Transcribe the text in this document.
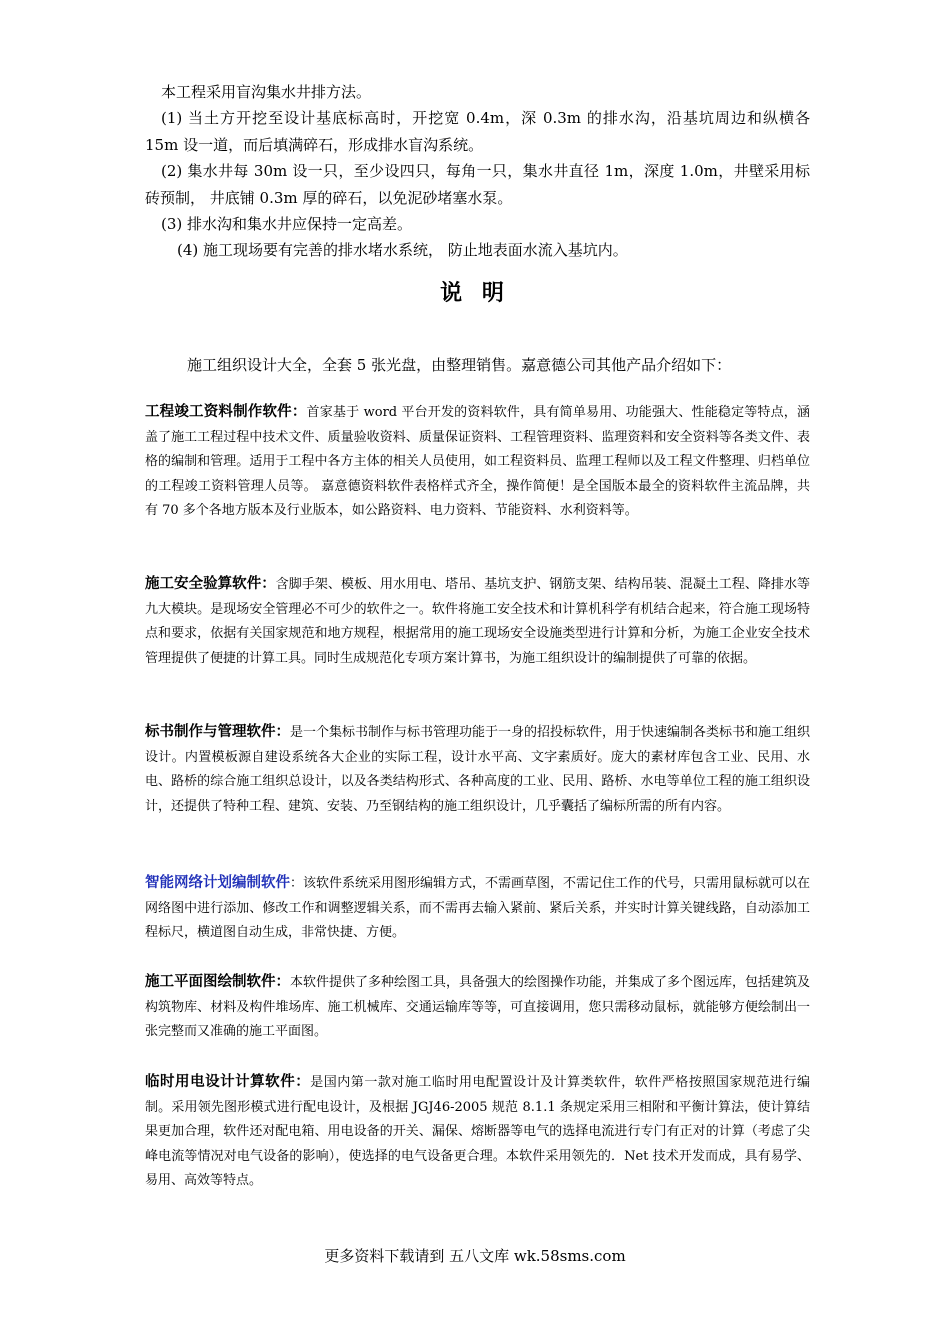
本工程采用盲沟集水井排方法。

(1) 当土方开挖至设计基底标高时，开挖宽 0.4m，深 0.3m 的排水沟，沿基坑周边和纵横各 15m 设一道，而后填满碎石，形成排水盲沟系统。

(2) 集水井每 30m 设一只，至少设四只，每角一只，集水井直径 1m，深度 1.0m，井壁采用标砖预制， 井底铺 0.3m 厚的碎石，以免泥砂堵塞水泵。

(3) 排水沟和集水井应保持一定高差。

(4) 施工现场要有完善的排水堵水系统， 防止地表面水流入基坑内。

说 明
施工组织设计大全，全套 5 张光盘，由整理销售。嘉意德公司其他产品介绍如下：
工程竣工资料制作软件：首家基于 word 平台开发的资料软件，具有简单易用、功能强大、性能稳定等特点，涵盖了施工工程过程中技术文件、质量验收资料、质量保证资料、工程管理资料、监理资料和安全资料等各类文件、表格的编制和管理。适用于工程中各方主体的相关人员使用，如工程资料员、监理工程师以及工程文件整理、归档单位的工程竣工资料管理人员等。 嘉意德资料软件表格样式齐全，操作简便！是全国版本最全的资料软件主流品牌，共有 70 多个各地方版本及行业版本，如公路资料、电力资料、节能资料、水利资料等。
施工安全验算软件：含脚手架、模板、用水用电、塔吊、基坑支护、钢筋支架、结构吊装、混凝土工程、降排水等九大模块。是现场安全管理必不可少的软件之一。软件将施工安全技术和计算机科学有机结合起来，符合施工现场特点和要求，依据有关国家规范和地方规程，根据常用的施工现场安全设施类型进行计算和分析，为施工企业安全技术管理提供了便捷的计算工具。同时生成规范化专项方案计算书，为施工组织设计的编制提供了可靠的依据。
标书制作与管理软件：是一个集标书制作与标书管理功能于一身的招投标软件，用于快速编制各类标书和施工组织设计。内置模板源自建设系统各大企业的实际工程，设计水平高、文字素质好。庞大的素材库包含工业、民用、水电、路桥的综合施工组织总设计，以及各类结构形式、各种高度的工业、民用、路桥、水电等单位工程的施工组织设计，还提供了特种工程、建筑、安装、乃至钢结构的施工组织设计，几乎囊括了编标所需的所有内容。
智能网络计划编制软件：该软件系统采用图形编辑方式，不需画草图，不需记住工作的代号，只需用鼠标就可以在网络图中进行添加、修改工作和调整逻辑关系，而不需再去输入紧前、紧后关系，并实时计算关键线路，自动添加工程标尺，横道图自动生成，非常快捷、方便。
施工平面图绘制软件：本软件提供了多种绘图工具，具备强大的绘图操作功能，并集成了多个图远库，包括建筑及构筑物库、材料及构件堆场库、施工机械库、交通运输库等等，可直接调用，您只需移动鼠标，就能够方便绘制出一张完整而又准确的施工平面图。
临时用电设计计算软件：是国内第一款对施工临时用电配置设计及计算类软件，软件严格按照国家规范进行编制。采用领先图形模式进行配电设计，及根据 JGJ46-2005 规范 8.1.1 条规定采用三相附和平衡计算法，使计算结果更加合理，软件还对配电箱、用电设备的开关、漏保、熔断器等电气的选择电流进行专门有正对的计算（考虑了尖峰电流等情况对电气设备的影响），使选择的电气设备更合理。本软件采用领先的．Net 技术开发而成，具有易学、易用、高效等特点。
更多资料下载请到 五八文库 wk.58sms.com
